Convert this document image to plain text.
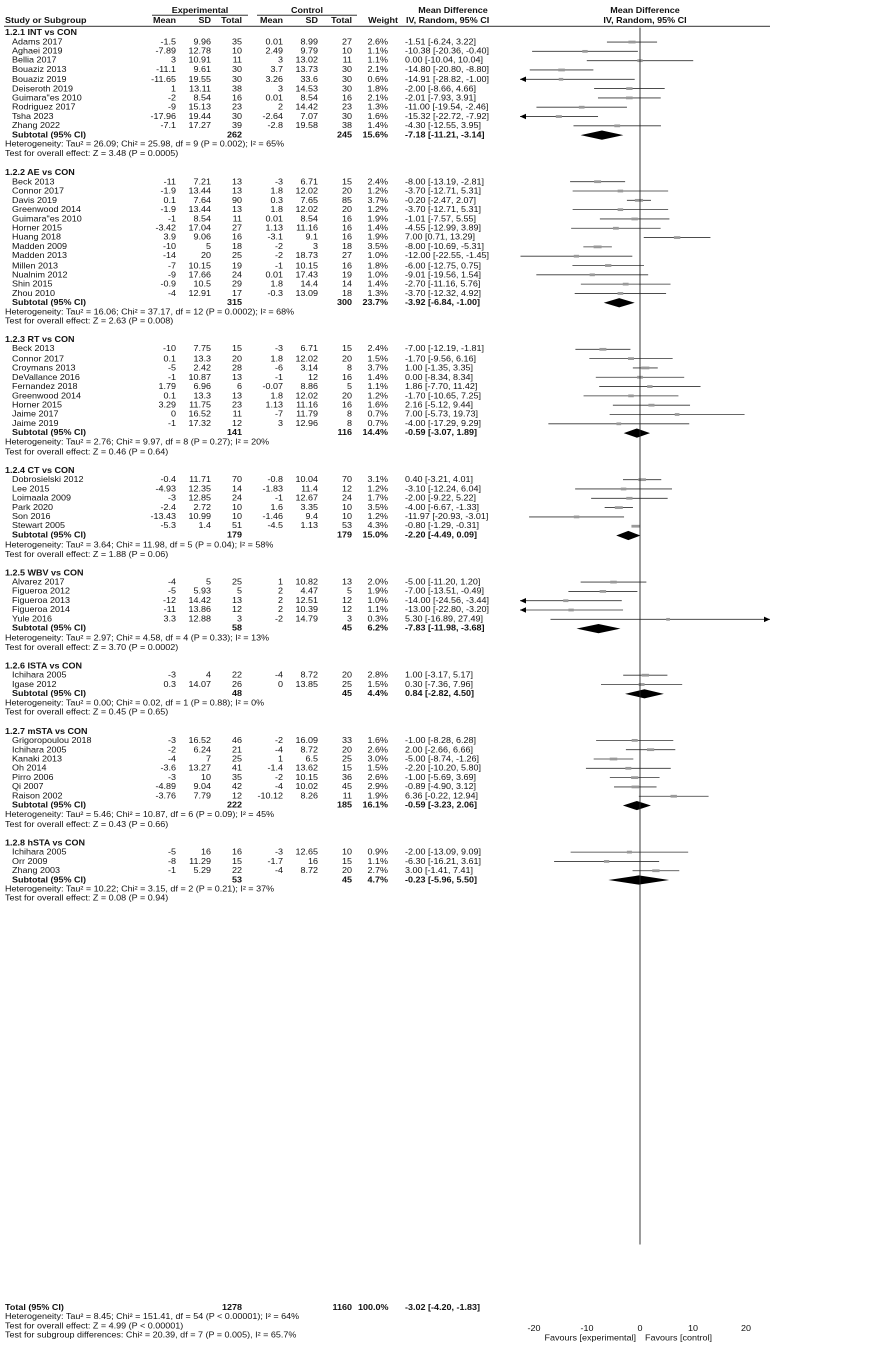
Experimental	Control	Mean Difference	Mean Difference
Study or Subgroup	Mean	SD	Total	Mean	SD	Total	Weight IV, Random, 95% CI	IV, Random, 95% CI
1.2.1 INT vs CON
Adams 2017	-1.5	9.96	35	0.01	8.99	27	2.6% -1.51 [-6.24, 3.22]
Aghaei 2019	-7.89	12.78	10	2.49	9.79	10	1.1% -10.38 [-20.36, -0.40]
Bellia 2017	3	10.91	11	3	13.02	11	1.1% 0.00 [-10.04, 10.04]
Bouaziz 2013	-11.1	9.61	30	3.7	13.73	30	2.1% -14.80 [-20.80, -8.80]
Bouaziz 2019	-11.65	19.55	30	3.26	33.6	30	0.6% -14.91 [-28.82, -1.00]
Deiseroth 2019	1	13.11	38	3	14.53	30	1.8% -2.00 [-8.66, 4.66]
Guimara"es 2010	-2	8.54	16	0.01	8.54	16	2.1% -2.01 [-7.93, 3.91]
Rodriguez 2017	-9	15.13	23	2	14.42	23	1.3% -11.00 [-19.54, -2.46]
Tsha 2023	-17.96	19.44	30	-2.64	7.07	30	1.6% -15.32 [-22.72, -7.92]
Zhang 2022	-7.1	17.27	39	-2.8	19.58	38	1.4% -4.30 [-12.55, 3.95]
Subtotal (95% CI)	262	245	15.6% -7.18 [-11.21, -3.14]
Heterogeneity: Tau² = 26.09; Chi² = 25.98, df = 9 (P = 0.002); I² = 65%
Test for overall effect: Z = 3.48 (P = 0.0005)
1.2.2 AE vs CON
Beck 2013	-11	7.21	13	-3	6.71	15	2.4% -8.00 [-13.19, -2.81]
Connor 2017	-1.9	13.44	13	1.8	12.02	20	1.2% -3.70 [-12.71, 5.31]
Davis 2019	0.1	7.64	90	0.3	7.65	85	3.7% -0.20 [-2.47, 2.07]
Greenwood 2014	-1.9	13.44	13	1.8	12.02	20	1.2% -3.70 [-12.71, 5.31]
Guimara"es 2010	-1	8.54	11	0.01	8.54	16	1.9% -1.01 [-7.57, 5.55]
Horner 2015	-3.42	17.04	27	1.13	11.16	16	1.4% -4.55 [-12.99, 3.89]
Huang 2018	3.9	9.06	16	-3.1	9.1	16	1.9% 7.00 [0.71, 13.29]
Madden 2009	-10	5	18	-2	3	18	3.5% -8.00 [-10.69, -5.31]
Madden 2013	-14	20	25	-2	18.73	27	1.0% -12.00 [-22.55, -1.45]
Millen 2013	-7	10.15	19	-1	10.15	16	1.8% -6.00 [-12.75, 0.75]
Nualnim 2012	-9	17.66	24	0.01	17.43	19	1.0% -9.01 [-19.56, 1.54]
Shin 2015	-0.9	10.5	29	1.8	14.4	14	1.4% -2.70 [-11.16, 5.76]
Zhou 2010	-4	12.91	17	-0.3	13.09	18	1.3% -3.70 [-12.32, 4.92]
Subtotal (95% CI)	315	300	23.7% -3.92 [-6.84, -1.00]
Heterogeneity: Tau² = 16.06; Chi² = 37.17, df = 12 (P = 0.0002); I² = 68%
Test for overall effect: Z = 2.63 (P = 0.008)
1.2.3 RT vs CON
Beck 2013	-10	7.75	15	-3	6.71	15	2.4% -7.00 [-12.19, -1.81]
Connor 2017	0.1	13.3	20	1.8	12.02	20	1.5% -1.70 [-9.56, 6.16]
Croymans 2013	-5	2.42	28	-6	3.14	8	3.7% 1.00 [-1.35, 3.35]
DeVallance 2016	-1	10.87	13	-1	12	16	1.4% 0.00 [-8.34, 8.34]
Fernandez 2018	1.79	6.96	6	-0.07	8.86	5	1.1% 1.86 [-7.70, 11.42]
Greenwood 2014	0.1	13.3	13	1.8	12.02	20	1.2% -1.70 [-10.65, 7.25]
Horner 2015	3.29	11.75	23	1.13	11.16	16	1.6% 2.16 [-5.12, 9.44]
Jaime 2017	0	16.52	11	-7	11.79	8	0.7% 7.00 [-5.73, 19.73]
Jaime 2019	-1	17.32	12	3	12.96	8	0.7% -4.00 [-17.29, 9.29]
Subtotal (95% CI)	141	116	14.4% -0.59 [-3.07, 1.89]
Heterogeneity: Tau² = 2.76; Chi² = 9.97, df = 8 (P = 0.27); I² = 20%
Test for overall effect: Z = 0.46 (P = 0.64)
1.2.4 CT vs CON
Dobrosielski 2012	-0.4	11.71	70	-0.8	10.04	70	3.1% 0.40 [-3.21, 4.01]
Lee 2015	-4.93	12.35	14	-1.83	11.4	12	1.2% -3.10 [-12.24, 6.04]
Loimaala 2009	-3	12.85	24	-1	12.67	24	1.7% -2.00 [-9.22, 5.22]
Park 2020	-2.4	2.72	10	1.6	3.35	10	3.5% -4.00 [-6.67, -1.33]
Son 2016	-13.43	10.99	10	-1.46	9.4	10	1.2% -11.97 [-20.93, -3.01]
Stewart 2005	-5.3	1.4	51	-4.5	1.13	53	4.3% -0.80 [-1.29, -0.31]
Subtotal (95% CI)	179	179	15.0% -2.20 [-4.49, 0.09]
Heterogeneity: Tau² = 3.64; Chi² = 11.98, df = 5 (P = 0.04); I² = 58%
Test for overall effect: Z = 1.88 (P = 0.06)
1.2.5 WBV vs CON
Alvarez 2017	-4	5	25	1	10.82	13	2.0% -5.00 [-11.20, 1.20]
Figueroa 2012	-5	5.93	5	2	4.47	5	1.9% -7.00 [-13.51, -0.49]
Figueroa 2013	-12	14.42	13	2	12.51	12	1.0% -14.00 [-24.56, -3.44]
Figueroa 2014	-11	13.86	12	2	10.39	12	1.1% -13.00 [-22.80, -3.20]
Yule 2016	3.3	12.88	3	-2	14.79	3	0.3% 5.30 [-16.89, 27.49]
Subtotal (95% CI)	58	45	6.2% -7.83 [-11.98, -3.68]
Heterogeneity: Tau² = 2.97; Chi² = 4.58, df = 4 (P = 0.33); I² = 13%
Test for overall effect: Z = 3.70 (P = 0.0002)
1.2.6 ISTA vs CON
Ichihara 2005	-3	4	22	-4	8.72	20	2.8% 1.00 [-3.17, 5.17]
Igase 2012	0.3	14.07	26	0	13.85	25	1.5% 0.30 [-7.36, 7.96]
Subtotal (95% CI)	48	45	4.4% 0.84 [-2.82, 4.50]
Heterogeneity: Tau² = 0.00; Chi² = 0.02, df = 1 (P = 0.88); I² = 0%
Test for overall effect: Z = 0.45 (P = 0.65)
1.2.7 mSTA vs CON
Grigoropoulou 2018	-3	16.52	46	-2	16.09	33	1.6% -1.00 [-8.28, 6.28]
Ichihara 2005	-2	6.24	21	-4	8.72	20	2.6% 2.00 [-2.66, 6.66]
Kanaki 2013	-4	7	25	1	6.5	25	3.0% -5.00 [-8.74, -1.26]
Oh 2014	-3.6	13.27	41	-1.4	13.62	15	1.5% -2.20 [-10.20, 5.80]
Pirro 2006	-3	10	35	-2	10.15	36	2.6% -1.00 [-5.69, 3.69]
Qi 2007	-4.89	9.04	42	-4	10.02	45	2.9% -0.89 [-4.90, 3.12]
Raison 2002	-3.76	7.79	12	-10.12	8.26	11	1.9% 6.36 [-0.22, 12.94]
Subtotal (95% CI)	222	185	16.1% -0.59 [-3.23, 2.06]
Heterogeneity: Tau² = 5.46; Chi² = 10.87, df = 6 (P = 0.09); I² = 45%
Test for overall effect: Z = 0.43 (P = 0.66)
1.2.8 hSTA vs CON
Ichihara 2005	-5	16	16	-3	12.65	10	0.9% -2.00 [-13.09, 9.09]
Orr 2009	-8	11.29	15	-1.7	16	15	1.1% -6.30 [-16.21, 3.61]
Zhang 2003	-1	5.29	22	-4	8.72	20	2.7% 3.00 [-1.41, 7.41]
Subtotal (95% CI)	53	45	4.7% -0.23 [-5.96, 5.50]
Heterogeneity: Tau² = 10.22; Chi² = 3.15, df = 2 (P = 0.21); I² = 37%
Test for overall effect: Z = 0.08 (P = 0.94)
Total (95% CI)	1278	1160 100.0% -3.02 [-4.20, -1.83]
Heterogeneity: Tau² = 8.45; Chi² = 151.41, df = 54 (P < 0.00001); I² = 64%
Test for overall effect: Z = 4.99 (P < 0.00001)
Test for subgroup differences: Chi² = 20.39, df = 7 (P = 0.005), I² = 65.7%
-20	-10	0	10	20
Favours [experimental] Favours [control]
